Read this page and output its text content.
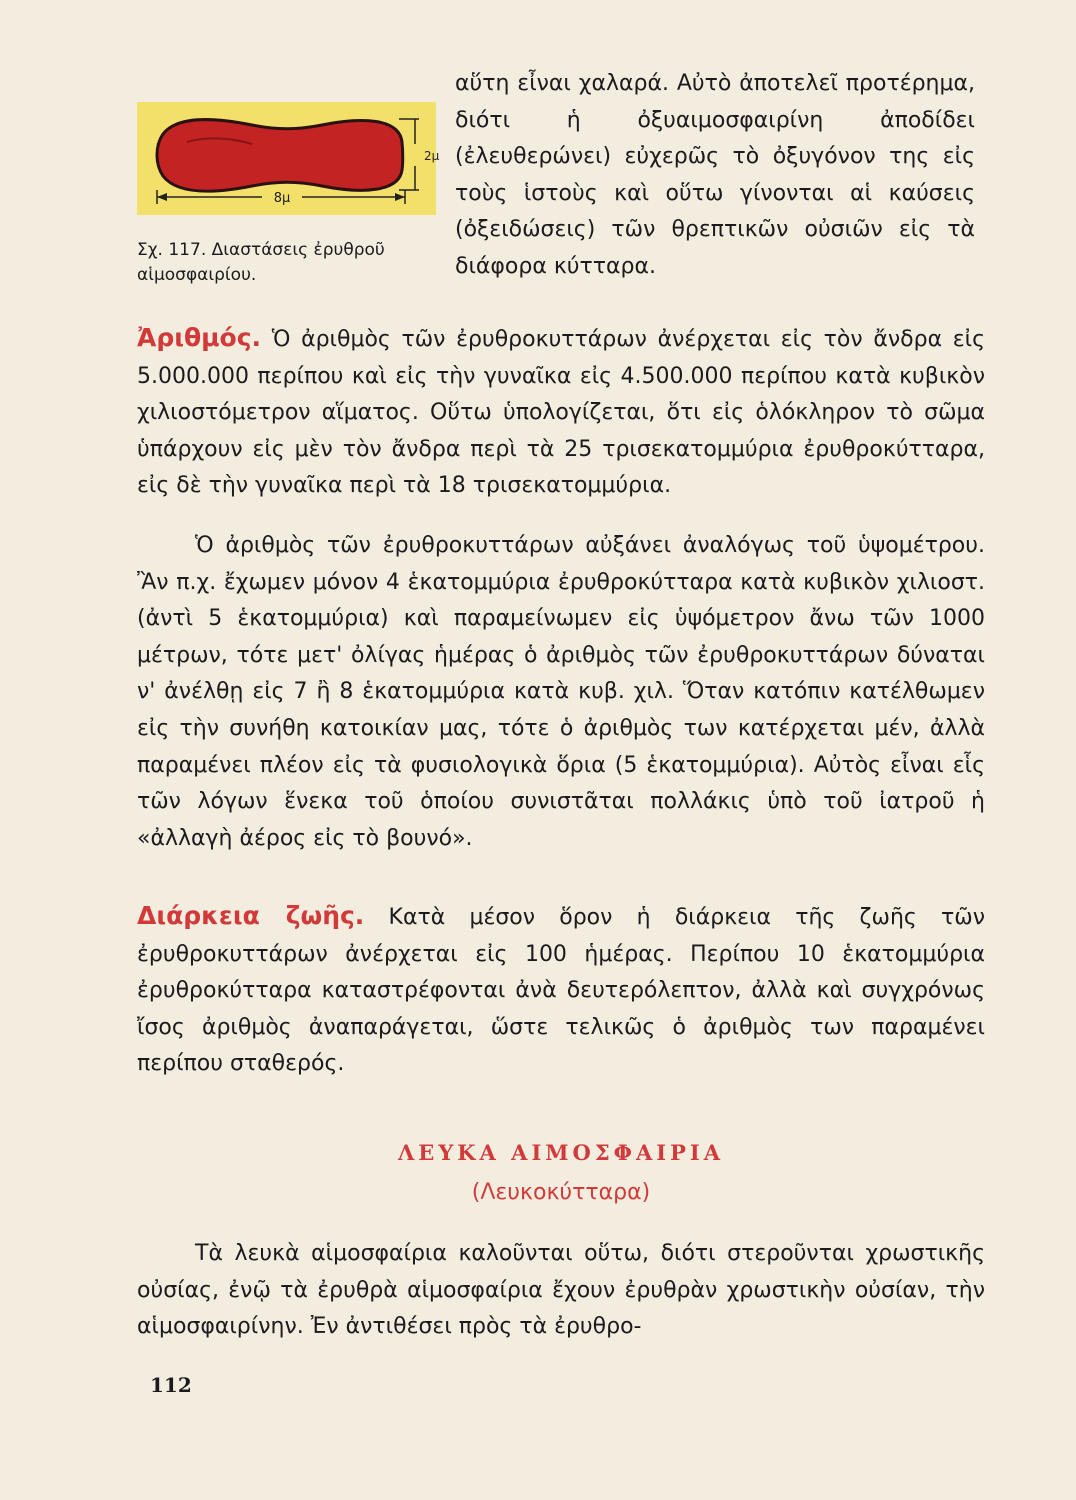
8μ
2μ
Σχ. 117. Διαστάσεις ἐρυθροῦ αἱμοσφαιρίου.

αὕτη εἶναι χαλαρά. Αὐτὸ ἀποτελεῖ προτέρημα, διότι ἡ ὀξυαιμοσφαιρίνη ἀποδίδει (ἐλευθερώνει) εὐχερῶς τὸ ὀξυγόνον της εἰς τοὺς ἱστοὺς καὶ οὕτω γίνονται αἱ καύσεις (ὀξειδώσεις) τῶν θρεπτικῶν οὐσιῶν εἰς τὰ διάφορα κύτταρα.

Ἀριθμός. Ὁ ἀριθμὸς τῶν ἐρυθροκυττάρων ἀνέρχεται εἰς τὸν ἄνδρα εἰς 5.000.000 περίπου καὶ εἰς τὴν γυναῖκα εἰς 4.500.000 περίπου κατὰ κυβικὸν χιλιοστόμετρον αἵματος. Οὕτω ὑπολογίζεται, ὅτι εἰς ὁλόκληρον τὸ σῶμα ὑπάρχουν εἰς μὲν τὸν ἄνδρα περὶ τὰ 25 τρισεκατομμύρια ἐρυθροκύτταρα, εἰς δὲ τὴν γυναῖκα περὶ τὰ 18 τρισεκατομμύρια.

Ὁ ἀριθμὸς τῶν ἐρυθροκυττάρων αὐξάνει ἀναλόγως τοῦ ὑψομέτρου. Ἂν π.χ. ἔχωμεν μόνον 4 ἑκατομμύρια ἐρυθροκύτταρα κατὰ κυβικὸν χιλιοστ. (ἀντὶ 5 ἑκατομμύρια) καὶ παραμείνωμεν εἰς ὑψόμετρον ἄνω τῶν 1000 μέτρων, τότε μετ' ὀλίγας ἡμέρας ὁ ἀριθμὸς τῶν ἐρυθροκυττάρων δύναται ν' ἀνέλθῃ εἰς 7 ἢ 8 ἑκατομμύρια κατὰ κυβ. χιλ. Ὅταν κατόπιν κατέλθωμεν εἰς τὴν συνήθη κατοικίαν μας, τότε ὁ ἀριθμὸς των κατέρχεται μέν, ἀλλὰ παραμένει πλέον εἰς τὰ φυσιολογικὰ ὅρια (5 ἑκατομμύρια). Αὐτὸς εἶναι εἷς τῶν λόγων ἕνεκα τοῦ ὁποίου συνιστᾶται πολλάκις ὑπὸ τοῦ ἰατροῦ ἡ «ἀλλαγὴ ἀέρος εἰς τὸ βουνό».

Διάρκεια ζωῆς. Κατὰ μέσον ὅρον ἡ διάρκεια τῆς ζωῆς τῶν ἐρυθροκυττάρων ἀνέρχεται εἰς 100 ἡμέρας. Περίπου 10 ἑκατομμύρια ἐρυθροκύτταρα καταστρέφονται ἀνὰ δευτερόλεπτον, ἀλλὰ καὶ συγχρόνως ἴσος ἀριθμὸς ἀναπαράγεται, ὥστε τελικῶς ὁ ἀριθμὸς των παραμένει περίπου σταθερός.

ΛΕΥΚΑ ΑΙΜΟΣΦΑΙΡΙΑ
(Λευκοκύτταρα)

Τὰ λευκὰ αἱμοσφαίρια καλοῦνται οὕτω, διότι στεροῦνται χρωστικῆς οὐσίας, ἐνῷ τὰ ἐρυθρὰ αἱμοσφαίρια ἔχουν ἐρυθρὰν χρωστικὴν οὐσίαν, τὴν αἱμοσφαιρίνην. Ἐν ἀντιθέσει πρὸς τὰ ἐρυθρο-

112
